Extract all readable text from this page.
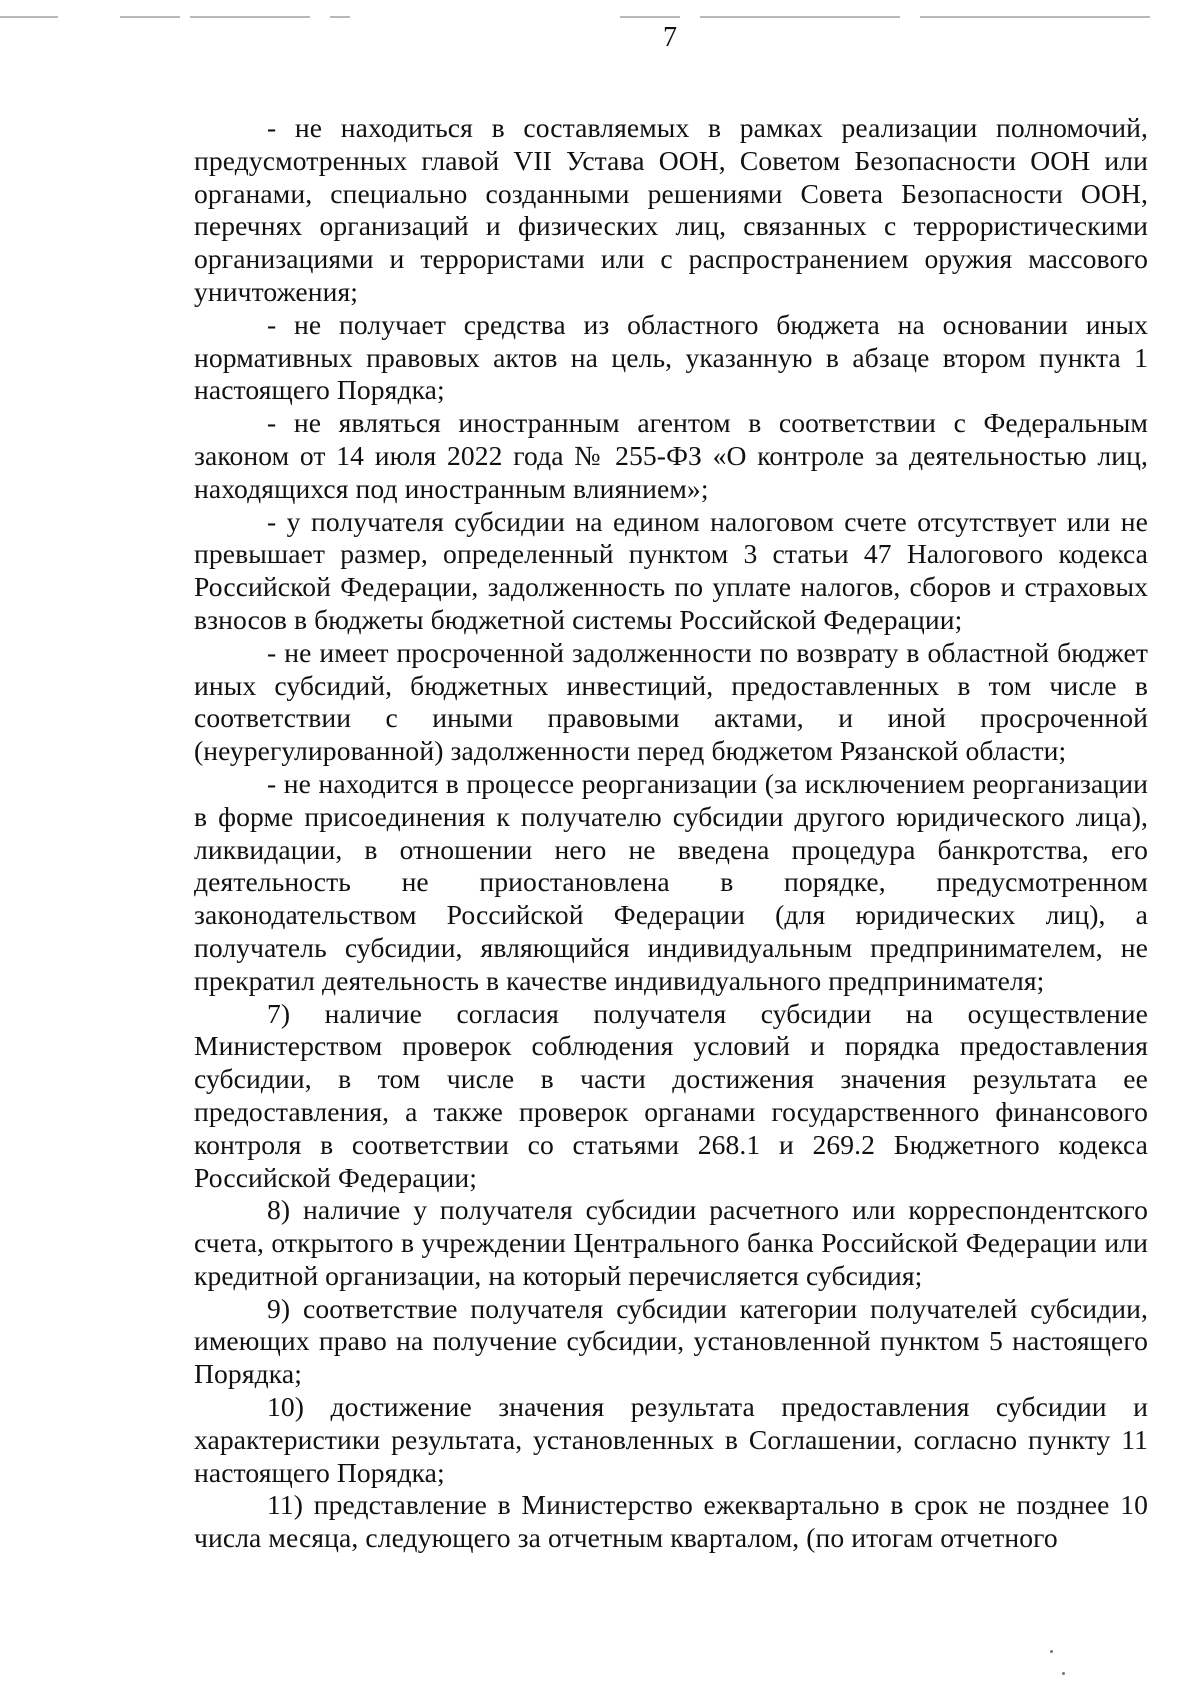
7

- не находиться в составляемых в рамках реализации полномочий, предусмотренных главой VII Устава ООН, Советом Безопасности ООН или органами, специально созданными решениями Совета Безопасности ООН, перечнях организаций и физических лиц, связанных с террористическими организациями и террористами или с распространением оружия массового уничтожения;

- не получает средства из областного бюджета на основании иных нормативных правовых актов на цель, указанную в абзаце втором пункта 1 настоящего Порядка;

- не являться иностранным агентом в соответствии с Федеральным законом от 14 июля 2022 года № 255-ФЗ «О контроле за деятельностью лиц, находящихся под иностранным влиянием»;

- у получателя субсидии на едином налоговом счете отсутствует или не превышает размер, определенный пунктом 3 статьи 47 Налогового кодекса Российской Федерации, задолженность по уплате налогов, сборов и страховых взносов в бюджеты бюджетной системы Российской Федерации;

- не имеет просроченной задолженности по возврату в областной бюджет иных субсидий, бюджетных инвестиций, предоставленных в том числе в соответствии с иными правовыми актами, и иной просроченной (неурегулированной) задолженности перед бюджетом Рязанской области;

- не находится в процессе реорганизации (за исключением реорганизации в форме присоединения к получателю субсидии другого юридического лица), ликвидации, в отношении него не введена процедура банкротства, его деятельность не приостановлена в порядке, предусмотренном законодательством Российской Федерации (для юридических лиц), а получатель субсидии, являющийся индивидуальным предпринимателем, не прекратил деятельность в качестве индивидуального предпринимателя;

7) наличие согласия получателя субсидии на осуществление Министерством проверок соблюдения условий и порядка предоставления субсидии, в том числе в части достижения значения результата ее предоставления, а также проверок органами государственного финансового контроля в соответствии со статьями 268.1 и 269.2 Бюджетного кодекса Российской Федерации;

8) наличие у получателя субсидии расчетного или корреспондентского счета, открытого в учреждении Центрального банка Российской Федерации или кредитной организации, на который перечисляется субсидия;

9) соответствие получателя субсидии категории получателей субсидии, имеющих право на получение субсидии, установленной пунктом 5 настоящего Порядка;

10) достижение значения результата предоставления субсидии и характеристики результата, установленных в Соглашении, согласно пункту 11 настоящего Порядка;

11) представление в Министерство ежеквартально в срок не позднее 10 числа месяца, следующего за отчетным кварталом, (по итогам отчетного
